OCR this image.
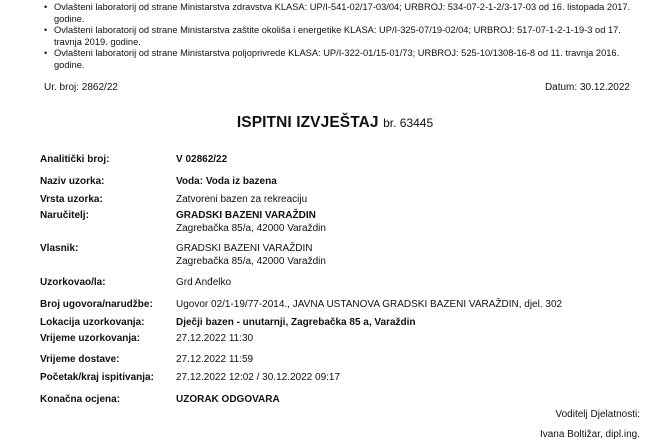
• Ovlašteni laboratorij od strane Ministarstva zdravstva KLASA: UP/I-541-02/17-03/04; URBROJ: 534-07-2-1-2/3-17-03 od 16. listopada 2017. godine.

• Ovlašteni laboratorij od strane Ministarstva zaštite okoliša i energetike KLASA: UP/I-325-07/19-02/04; URBROJ: 517-07-1-2-1-19-3 od 17. travnja 2019. godine.

• Ovlašteni laboratorij od strane Ministarstva poljoprivrede KLASA: UP/I-322-01/15-01/73; URBROJ: 525-10/1308-16-8 od 11. travnja 2016. godine.

Ur. broj: 2862/22	Datum: 30.12.2022
ISPITNI IZVJEŠTAJ br. 63445
Analitički broj:	V 02862/22
Naziv uzorka:	Voda: Voda iz bazena
Vrsta uzorka:	Zatvoreni bazen za rekreaciju
Naručitelj:	GRADSKI BAZENI VARAŽDIN
Zagrebačka 85/a, 42000 Varaždin
Vlasnik:	GRADSKI BAZENI VARAŽDIN
Zagrebačka 85/a, 42000 Varaždin
Uzorkovao/la:	Grd Anđelko
Broj ugovora/narudžbe:	Ugovor 02/1-19/77-2014., JAVNA USTANOVA GRADSKI BAZENI VARAŽDIN, djel. 302
Lokacija uzorkovanja:	Dječji bazen - unutarnji, Zagrebačka 85 a, Varaždin
Vrijeme uzorkovanja:	27.12.2022 11:30
Vrijeme dostave:	27.12.2022 11:59
Početak/kraj ispitivanja:	27.12.2022 12:02 / 30.12.2022 09:17
Konačna ocjena:	UZORAK ODGOVARA
Voditelj Djelatnosti:
Ivana Boltižar, dipl.ing.
